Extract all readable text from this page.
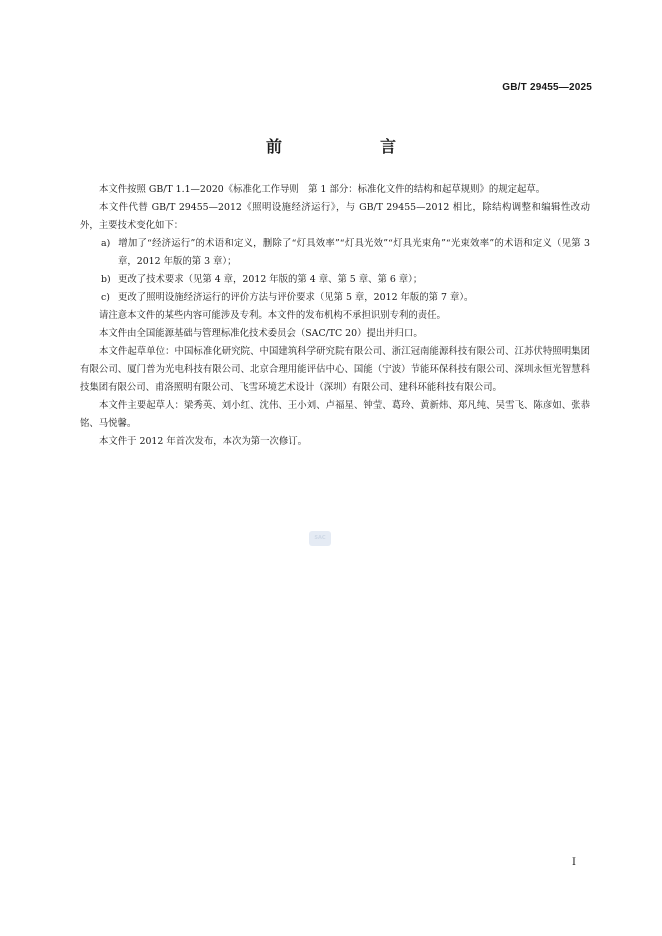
GB/T 29455—2025
前　　言

本文件按照 GB/T 1.1—2020《标准化工作导则　第 1 部分：标准化文件的结构和起草规则》的规定起草。

本文件代替 GB/T 29455—2012《照明设施经济运行》，与 GB/T 29455—2012 相比，除结构调整和编辑性改动外，主要技术变化如下：

a) 增加了“经济运行”的术语和定义，删除了“灯具效率”“灯具光效”“灯具光束角”“光束效率”的术语和定义（见第 3 章，2012 年版的第 3 章）；

b) 更改了技术要求（见第 4 章，2012 年版的第 4 章、第 5 章、第 6 章）；

c) 更改了照明设施经济运行的评价方法与评价要求（见第 5 章，2012 年版的第 7 章）。

请注意本文件的某些内容可能涉及专利。本文件的发布机构不承担识别专利的责任。

本文件由全国能源基础与管理标准化技术委员会（SAC/TC 20）提出并归口。

本文件起草单位：中国标准化研究院、中国建筑科学研究院有限公司、浙江冠南能源科技有限公司、江苏伏特照明集团有限公司、厦门普为光电科技有限公司、北京合理用能评估中心、国能（宁波）节能环保科技有限公司、深圳永恒光智慧科技集团有限公司、甫洛照明有限公司、飞雪环境艺术设计（深圳）有限公司、建科环能科技有限公司。

本文件主要起草人：梁秀英、刘小红、沈伟、王小刘、卢福星、钟莹、葛玲、黄新炜、郑凡纯、吴雪飞、陈彦如、张恭铭、马悦馨。

本文件于 2012 年首次发布，本次为第一次修订。

SAC
I
